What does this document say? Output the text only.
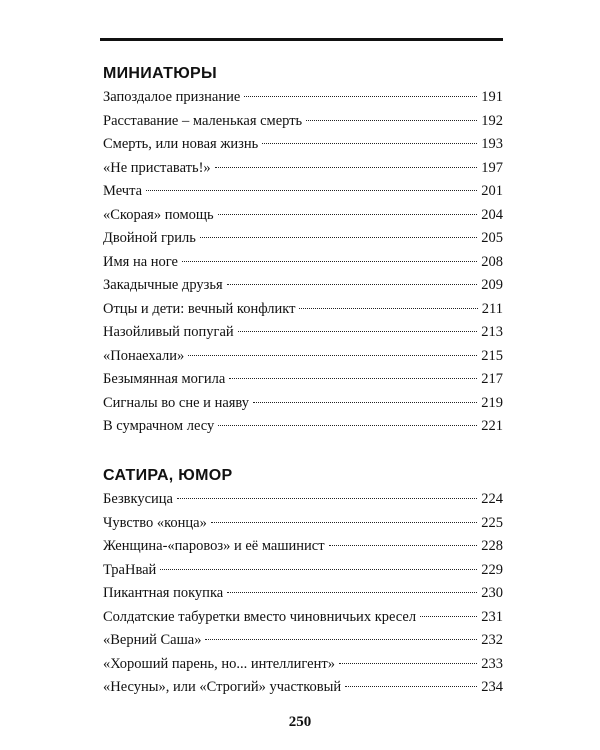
МИНИАТЮРЫ
Запоздалое признание	191
Расставание – маленькая смерть	192
Смерть, или новая жизнь	193
«Не приставать!»	197
Мечта	201
«Скорая» помощь	204
Двойной гриль	205
Имя на ноге	208
Закадычные друзья	209
Отцы и дети: вечный конфликт	211
Назойливый попугай	213
«Понаехали»	215
Безымянная могила	217
Сигналы во сне и наяву	219
В сумрачном лесу	221
САТИРА, ЮМОР
Безвкусица	224
Чувство «конца»	225
Женщина-«паровоз» и её машинист	228
ТраНвай	229
Пикантная покупка	230
Солдатские табуретки вместо чиновничьих кресел	231
«Верний Саша»	232
«Хороший парень, но... интеллигент»	233
«Несуны», или «Строгий» участковый	234
250
